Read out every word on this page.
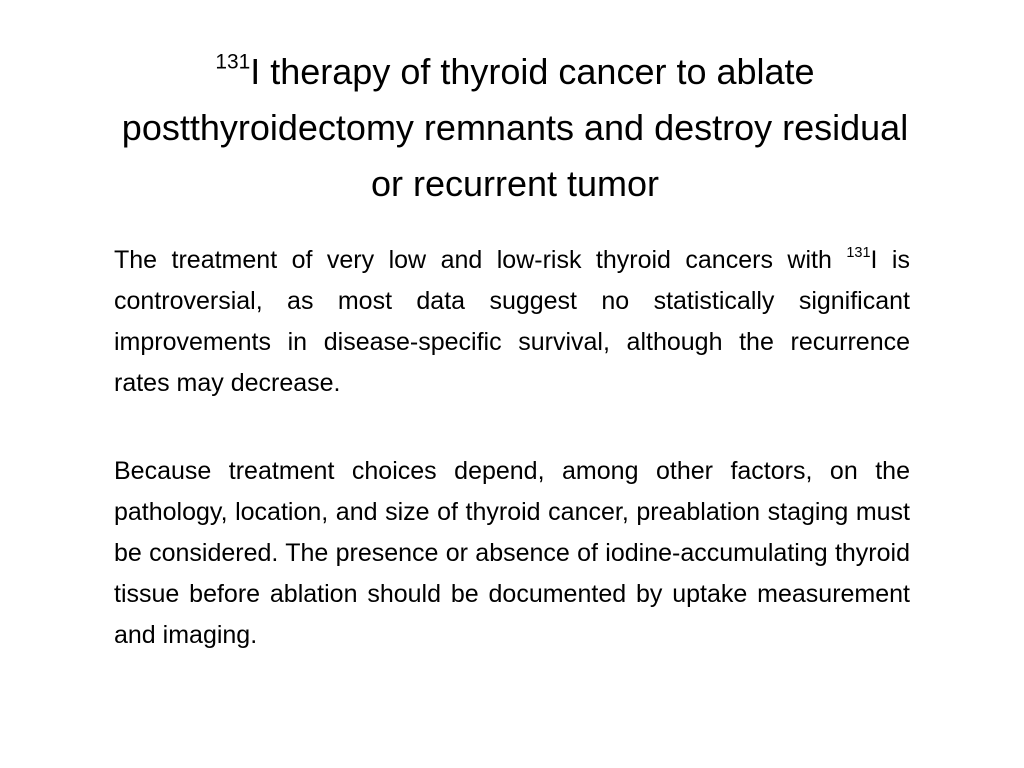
$^{131}$I therapy of thyroid cancer to ablate postthyroidectomy remnants and destroy residual or recurrent tumor

The treatment of very low and low-risk thyroid cancers with $^{131}$I is controversial, as most data suggest no statistically significant improvements in disease-specific survival, although the recurrence rates may decrease.

Because treatment choices depend, among other factors, on the pathology, location, and size of thyroid cancer, preablation staging must be considered. The presence or absence of iodine-accumulating thyroid tissue before ablation should be documented by uptake measurement and imaging.
